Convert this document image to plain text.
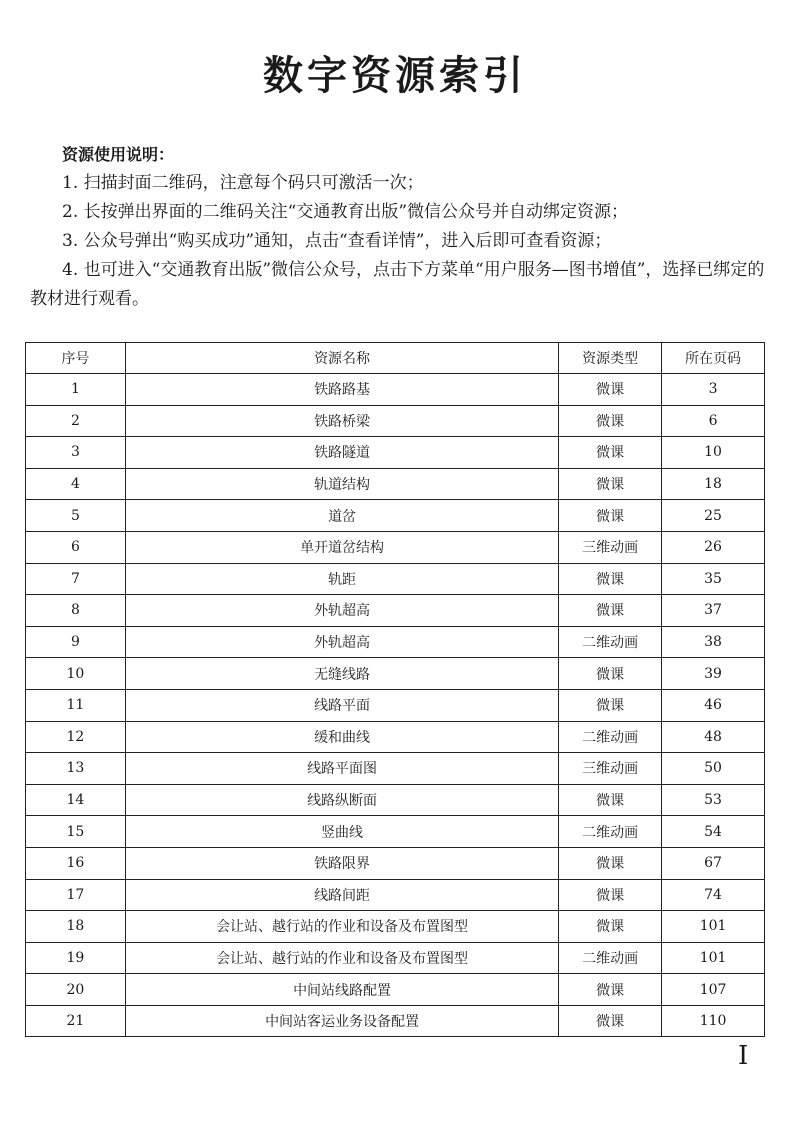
数字资源索引
资源使用说明：
1. 扫描封面二维码，注意每个码只可激活一次；
2. 长按弹出界面的二维码关注“交通教育出版”微信公众号并自动绑定资源；
3. 公众号弹出“购买成功”通知，点击“查看详情”，进入后即可查看资源；
4. 也可进入“交通教育出版”微信公众号，点击下方菜单“用户服务—图书增值”，选择已绑定的教材进行观看。
序号	资源名称	资源类型	所在页码
1	铁路路基	微课	3
2	铁路桥梁	微课	6
3	铁路隧道	微课	10
4	轨道结构	微课	18
5	道岔	微课	25
6	单开道岔结构	三维动画	26
7	轨距	微课	35
8	外轨超高	微课	37
9	外轨超高	二维动画	38
10	无缝线路	微课	39
11	线路平面	微课	46
12	缓和曲线	二维动画	48
13	线路平面图	三维动画	50
14	线路纵断面	微课	53
15	竖曲线	二维动画	54
16	铁路限界	微课	67
17	线路间距	微课	74
18	会让站、越行站的作业和设备及布置图型	微课	101
19	会让站、越行站的作业和设备及布置图型	二维动画	101
20	中间站线路配置	微课	107
21	中间站客运业务设备配置	微课	110
I
